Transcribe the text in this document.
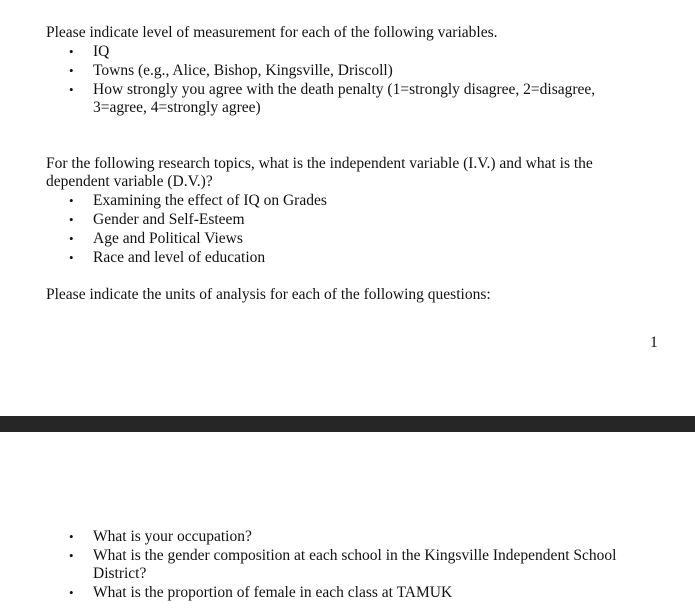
Please indicate level of measurement for each of the following variables.

• IQ
• Towns (e.g., Alice, Bishop, Kingsville, Driscoll)
• How strongly you agree with the death penalty (1=strongly disagree, 2=disagree, 3=agree, 4=strongly agree)

For the following research topics, what is the independent variable (I.V.) and what is the dependent variable (D.V.)?

• Examining the effect of IQ on Grades
• Gender and Self-Esteem
• Age and Political Views
• Race and level of education

Please indicate the units of analysis for each of the following questions:

1
• What is your occupation?
• What is the gender composition at each school in the Kingsville Independent School District?
• What is the proportion of female in each class at TAMUK
